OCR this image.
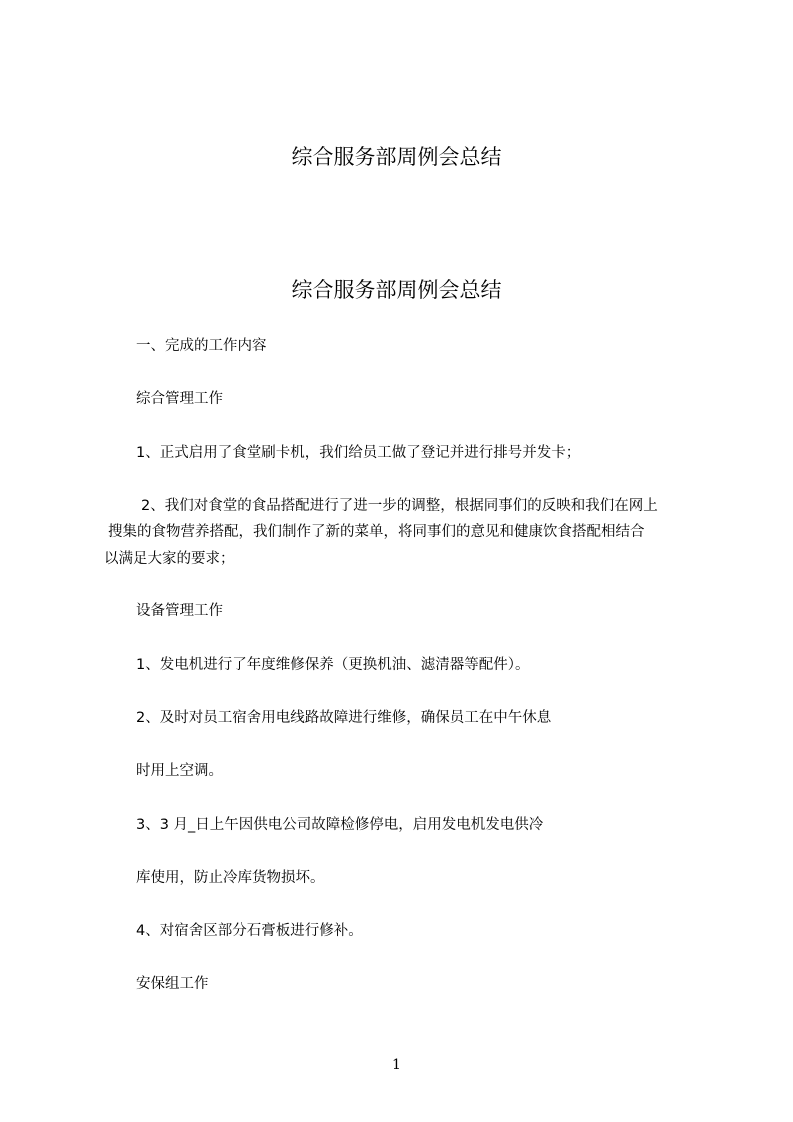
综合服务部周例会总结
综合服务部周例会总结
一、完成的工作内容
综合管理工作
1、正式启用了食堂刷卡机，我们给员工做了登记并进行排号并发卡；
2、我们对食堂的食品搭配进行了进一步的调整，根据同事们的反映和我们在网上
搜集的食物营养搭配，我们制作了新的菜单，将同事们的意见和健康饮食搭配相结合
以满足大家的要求；
设备管理工作
1、发电机进行了年度维修保养（更换机油、滤清器等配件）。
2、及时对员工宿舍用电线路故障进行维修，确保员工在中午休息
时用上空调。
3、3 月_日上午因供电公司故障检修停电，启用发电机发电供冷
库使用，防止冷库货物损坏。
4、对宿舍区部分石膏板进行修补。
安保组工作
1
